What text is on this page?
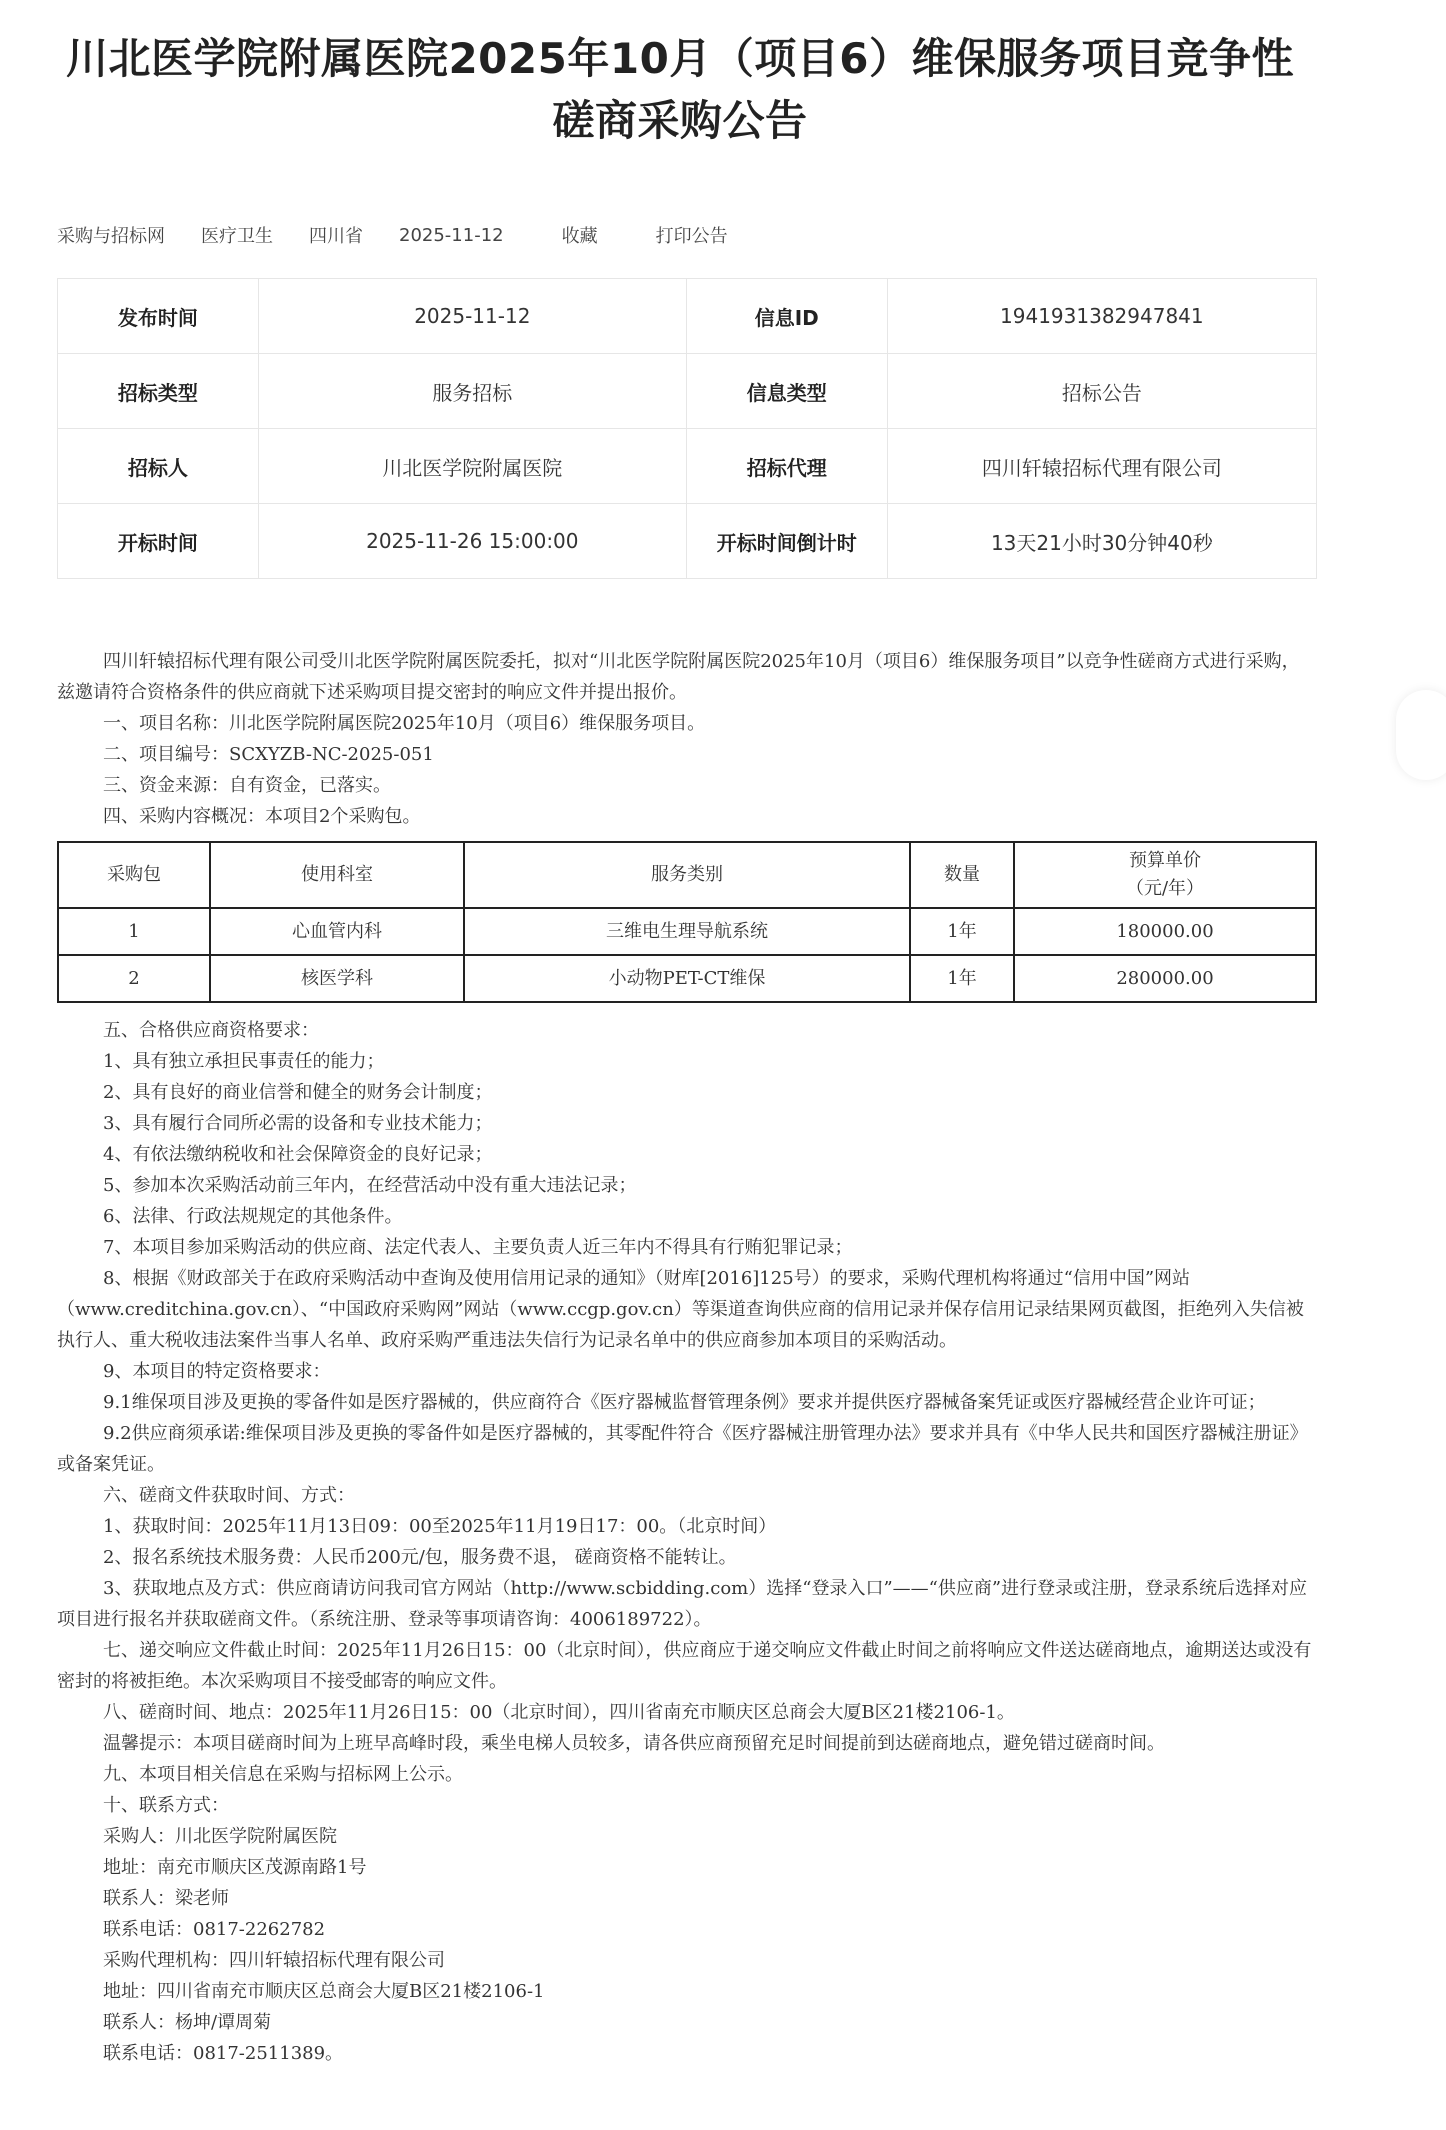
川北医学院附属医院2025年10月（项目6）维保服务项目竞争性磋商采购公告
采购与招标网 医疗卫生 四川省 2025-11-12	收藏	打印公告
发布时间	2025-11-12	信息ID	1941931382947841
招标类型	服务招标	信息类型	招标公告
招标人	川北医学院附属医院	招标代理	四川轩辕招标代理有限公司
开标时间	2025-11-26 15:00:00	开标时间倒计时	13天21小时30分钟40秒

四川轩辕招标代理有限公司受川北医学院附属医院委托，拟对“川北医学院附属医院2025年10月（项目6）维保服务项目”以竞争性磋商方式进行采购，兹邀请符合资格条件的供应商就下述采购项目提交密封的响应文件并提出报价。

一、项目名称：川北医学院附属医院2025年10月（项目6）维保服务项目。

二、项目编号：SCXYZB-NC-2025-051

三、资金来源：自有资金，已落实。

四、采购内容概况：本项目2个采购包。

采购包	使用科室	服务类别	数量	预算单价
（元/年）

1	心血管内科	三维电生理导航系统	1年	180000.00
2	核医学科	小动物PET-CT维保	1年	280000.00

五、合格供应商资格要求：

1、具有独立承担民事责任的能力；

2、具有良好的商业信誉和健全的财务会计制度；

3、具有履行合同所必需的设备和专业技术能力；

4、有依法缴纳税收和社会保障资金的良好记录；

5、参加本次采购活动前三年内，在经营活动中没有重大违法记录；

6、法律、行政法规规定的其他条件。

7、本项目参加采购活动的供应商、法定代表人、主要负责人近三年内不得具有行贿犯罪记录；

8、根据《财政部关于在政府采购活动中查询及使用信用记录的通知》（财库[2016]125号）的要求，采购代理机构将通过“信用中国”网站（www.creditchina.gov.cn）、“中国政府采购网”网站（www.ccgp.gov.cn）等渠道查询供应商的信用记录并保存信用记录结果网页截图，拒绝列入失信被执行人、重大税收违法案件当事人名单、政府采购严重违法失信行为记录名单中的供应商参加本项目的采购活动。

9、本项目的特定资格要求：

9.1维保项目涉及更换的零备件如是医疗器械的，供应商符合《医疗器械监督管理条例》要求并提供医疗器械备案凭证或医疗器械经营企业许可证；

9.2供应商须承诺:维保项目涉及更换的零备件如是医疗器械的，其零配件符合《医疗器械注册管理办法》要求并具有《中华人民共和国医疗器械注册证》或备案凭证。

六、磋商文件获取时间、方式：

1、获取时间：2025年11月13日09：00至2025年11月19日17：00。（北京时间）

2、报名系统技术服务费：人民币200元/包，服务费不退， 磋商资格不能转让。

3、获取地点及方式：供应商请访问我司官方网站（http://www.scbidding.com）选择“登录入口”——“供应商”进行登录或注册，登录系统后选择对应项目进行报名并获取磋商文件。（系统注册、登录等事项请咨询：4006189722）。

七、递交响应文件截止时间：2025年11月26日15：00（北京时间），供应商应于递交响应文件截止时间之前将响应文件送达磋商地点，逾期送达或没有密封的将被拒绝。本次采购项目不接受邮寄的响应文件。

八、磋商时间、地点：2025年11月26日15：00（北京时间），四川省南充市顺庆区总商会大厦B区21楼2106-1。

温馨提示：本项目磋商时间为上班早高峰时段，乘坐电梯人员较多，请各供应商预留充足时间提前到达磋商地点，避免错过磋商时间。

九、本项目相关信息在采购与招标网上公示。

十、联系方式：

采购人：川北医学院附属医院

地址：南充市顺庆区茂源南路1号

联系人：梁老师

联系电话：0817-2262782

采购代理机构：四川轩辕招标代理有限公司

地址：四川省南充市顺庆区总商会大厦B区21楼2106-1

联系人：杨坤/谭周菊

联系电话：0817-2511389。
